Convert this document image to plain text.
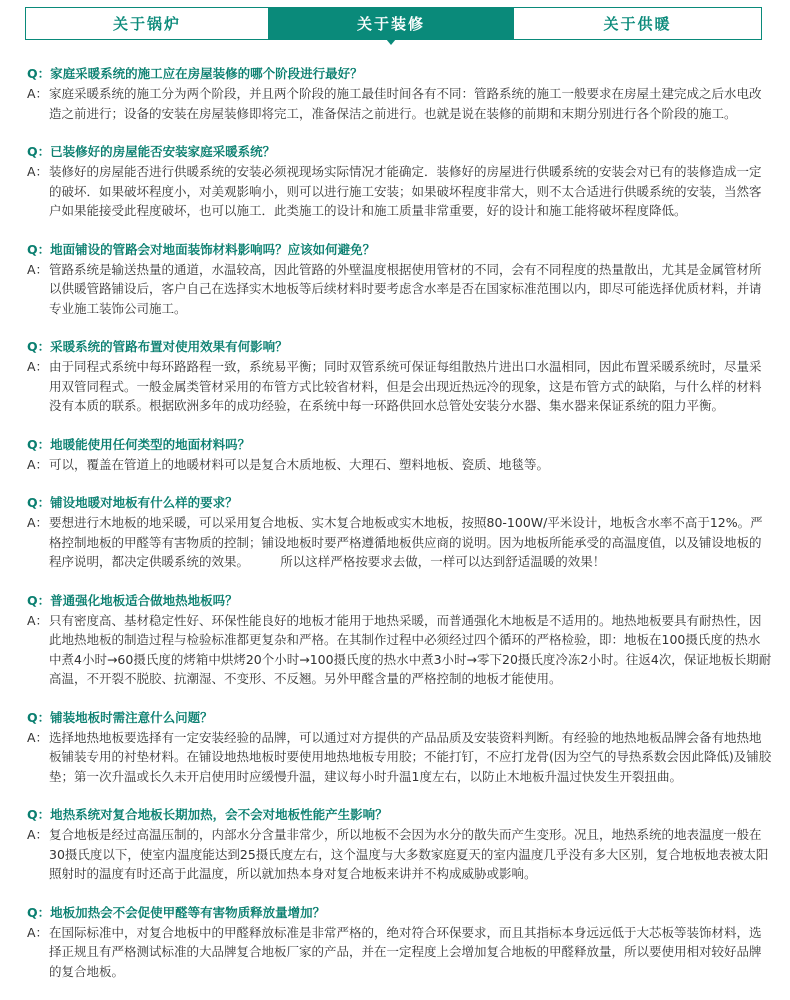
关于锅炉	关于装修	关于供暖
Q： 家庭采暖系统的施工应在房屋装修的哪个阶段进行最好？
A： 家庭采暖系统的施工分为两个阶段，并且两个阶段的施工最佳时间各有不同：管路系统的施工一般要求在房屋土建完成之后水电改造之前进行；设备的安装在房屋装修即将完工，准备保洁之前进行。也就是说在装修的前期和末期分别进行各个阶段的施工。
Q： 已装修好的房屋能否安装家庭采暖系统？
A： 装修好的房屋能否进行供暖系统的安装必须视现场实际情况才能确定．装修好的房屋进行供暖系统的安装会对已有的装修造成一定的破坏．如果破坏程度小，对美观影响小，则可以进行施工安装；如果破坏程度非常大，则不太合适进行供暖系统的安装，当然客户如果能接受此程度破坏，也可以施工．此类施工的设计和施工质量非常重要，好的设计和施工能将破坏程度降低。
Q： 地面铺设的管路会对地面装饰材料影响吗？应该如何避免？
A： 管路系统是输送热量的通道，水温较高，因此管路的外壁温度根据使用管材的不同，会有不同程度的热量散出，尤其是金属管材所以供暖管路铺设后，客户自己在选择实木地板等后续材料时要考虑含水率是否在国家标准范围以内，即尽可能选择优质材料，并请专业施工装饰公司施工。
Q： 采暖系统的管路布置对使用效果有何影响？
A： 由于同程式系统中每环路路程一致，系统易平衡；同时双管系统可保证每组散热片进出口水温相同，因此布置采暖系统时，尽量采用双管同程式。一般金属类管材采用的布管方式比较省材料，但是会出现近热远冷的现象，这是布管方式的缺陷，与什么样的材料没有本质的联系。根据欧洲多年的成功经验，在系统中每一环路供回水总管处安装分水器、集水器来保证系统的阻力平衡。
Q： 地暖能使用任何类型的地面材料吗？
A： 可以，覆盖在管道上的地暖材料可以是复合木质地板、大理石、塑料地板、瓷质、地毯等。
Q： 铺设地暖对地板有什么样的要求？
A： 要想进行木地板的地采暖，可以采用复合地板、实木复合地板或实木地板，按照80-100W/平米设计，地板含水率不高于12%。严格控制地板的甲醛等有害物质的控制；铺设地板时要严格遵循地板供应商的说明。因为地板所能承受的高温度值，以及铺设地板的程序说明，都决定供暖系统的效果。　　　所以这样严格按要求去做，一样可以达到舒适温暖的效果！
Q： 普通强化地板适合做地热地板吗？
A： 只有密度高、基材稳定性好、环保性能良好的地板才能用于地热采暖，而普通强化木地板是不适用的。地热地板要具有耐热性，因此地热地板的制造过程与检验标准都更复杂和严格。在其制作过程中必须经过四个循环的严格检验，即：地板在100摄氏度的热水中煮4小时→60摄氏度的烤箱中烘烤20个小时→100摄氏度的热水中煮3小时→零下20摄氏度冷冻2小时。往返4次，保证地板长期耐高温，不开裂不脱胶、抗潮湿、不变形、不反翘。另外甲醛含量的严格控制的地板才能使用。
Q： 铺装地板时需注意什么问题？
A： 选择地热地板要选择有一定安装经验的品牌，可以通过对方提供的产品品质及安装资料判断。有经验的地热地板品牌会备有地热地板铺装专用的衬垫材料。在铺设地热地板时要使用地热地板专用胶；不能打钉，不应打龙骨(因为空气的导热系数会因此降低)及铺胶垫；第一次升温或长久未开启使用时应缓慢升温，建议每小时升温1度左右，以防止木地板升温过快发生开裂扭曲。
Q： 地热系统对复合地板长期加热，会不会对地板性能产生影响？
A： 复合地板是经过高温压制的，内部水分含量非常少，所以地板不会因为水分的散失而产生变形。况且，地热系统的地表温度一般在30摄氏度以下，使室内温度能达到25摄氏度左右，这个温度与大多数家庭夏天的室内温度几乎没有多大区别，复合地板地表被太阳照射时的温度有时还高于此温度，所以就加热本身对复合地板来讲并不构成威胁或影响。
Q： 地板加热会不会促使甲醛等有害物质释放量增加？
A： 在国际标准中，对复合地板中的甲醛释放标准是非常严格的，绝对符合环保要求，而且其指标本身远远低于大芯板等装饰材料，选择正规且有严格测试标准的大品牌复合地板厂家的产品，并在一定程度上会增加复合地板的甲醛释放量，所以要使用相对较好品牌的复合地板。
